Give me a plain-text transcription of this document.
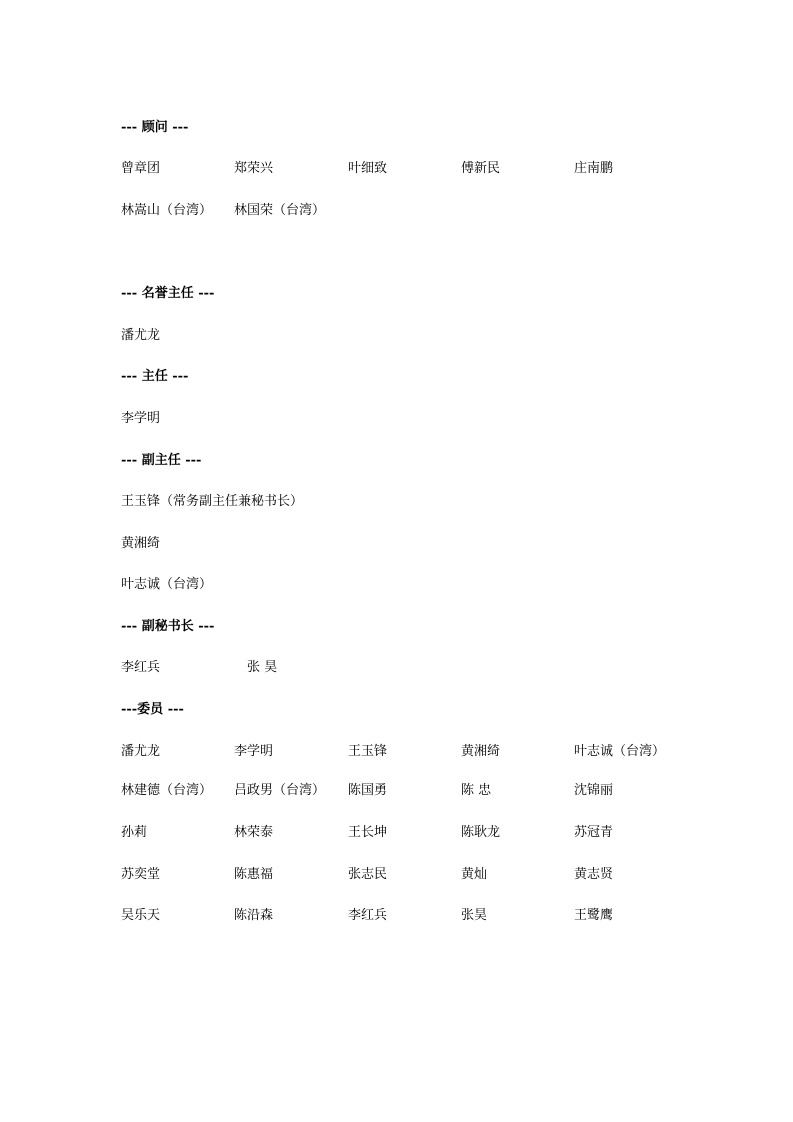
--- 顾问 ---
曾章团	郑荣兴	叶细致	傅新民	庄南鹏
林嵩山（台湾） 林国荣（台湾）
--- 名誉主任 ---
潘尤龙
--- 主任 ---
李学明
--- 副主任 ---
王玉锋（常务副主任兼秘书长）
黄湘绮
叶志诚（台湾）
--- 副秘书长 ---
李红兵	张 昊
---委员 ---
潘尤龙	李学明	王玉锋	黄湘绮	叶志诚（台湾）
林建德（台湾） 吕政男（台湾） 陈国勇	陈 忠	沈锦丽
孙莉	林荣泰	王长坤	陈耿龙	苏冠青
苏奕堂	陈惠福	张志民	黄灿	黄志贤
吴乐天	陈沿森	李红兵	张昊	王鹭鹰
